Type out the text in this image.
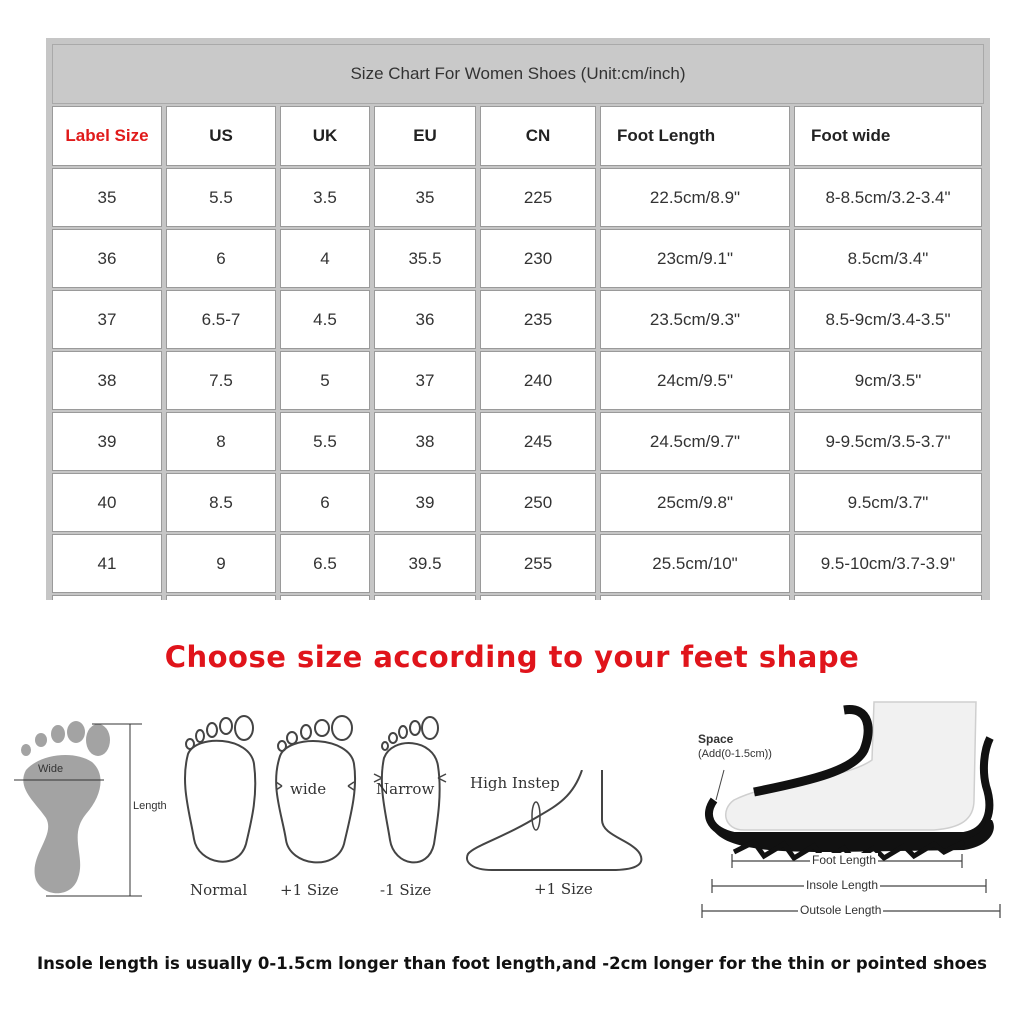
Size Chart For Women Shoes (Unit:cm/inch)
Label Size	US	UK	EU	CN	Foot Length	Foot wide
35	5.5	3.5	35	225	22.5cm/8.9"	8-8.5cm/3.2-3.4"
36	6	4	35.5	230	23cm/9.1"	8.5cm/3.4"
37	6.5-7	4.5	36	235	23.5cm/9.3"	8.5-9cm/3.4-3.5"
38	7.5	5	37	240	24cm/9.5"	9cm/3.5"
39	8	5.5	38	245	24.5cm/9.7"	9-9.5cm/3.5-3.7"
40	8.5	6	39	250	25cm/9.8"	9.5cm/3.7"
41	9	6.5	39.5	255	25.5cm/10"	9.5-10cm/3.7-3.9"
Choose size according to your feet shape
Wide
Length
Normal
wide
+1 Size
Narrow
-1 Size
High Instep
+1 Size
Space
(Add(0-1.5cm))
Foot Length
Insole Length
Outsole Length
Insole length is usually 0-1.5cm longer than foot length,and -2cm longer for the thin or pointed shoes
